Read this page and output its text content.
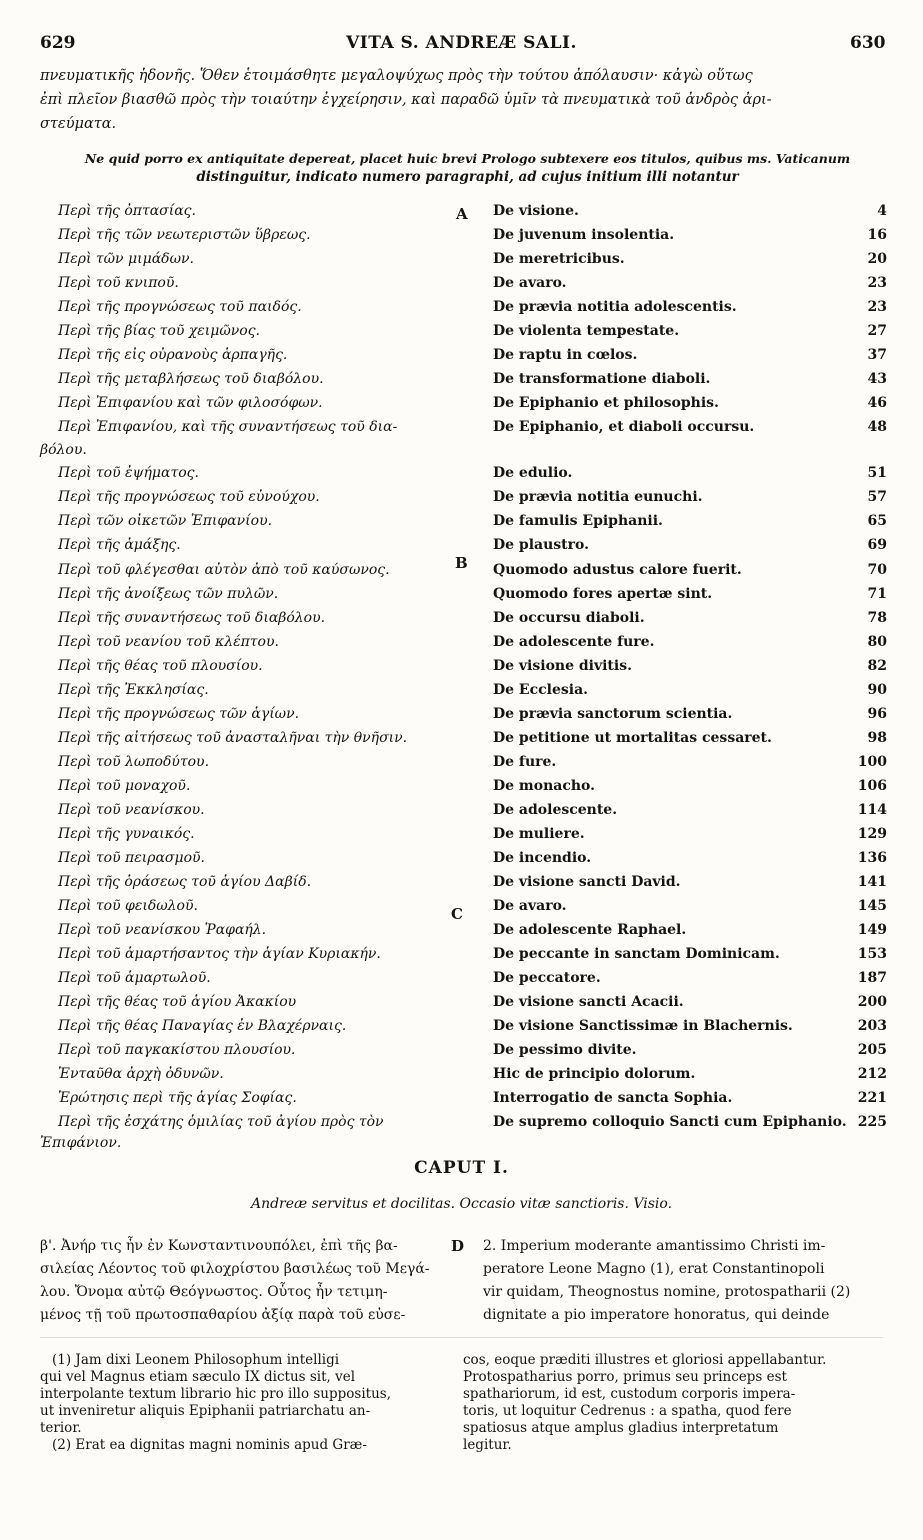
629	VITA S. ANDREÆ SALI.	630
πνευματικῆς ἡδονῆς. Ὅθεν ἑτοιμάσθητε μεγαλοψύχως πρὸς τὴν τούτου ἀπόλαυσιν· κἀγὼ οὕτως
ἐπὶ πλεῖον βιασθῶ πρὸς τὴν τοιαύτην ἐγχείρησιν, καὶ παραδῶ ὑμῖν τὰ πνευματικὰ τοῦ ἀνδρὸς ἀρι-
στεύματα.
Ne quid porro ex antiquitate depereat, placet huic brevi Prologo subtexere eos titulos, quibus ms. Vaticanum
distinguitur, indicato numero paragraphi, ad cujus initium illi notantur
Περὶ τῆς ὀπτασίας.	De visione.	4
Περὶ τῆς τῶν νεωτεριστῶν ὕβρεως.	De juvenum insolentia.	16
Περὶ τῶν μιμάδων.	De meretricibus.	20
Περὶ τοῦ κνιποῦ.	De avaro.	23
Περὶ τῆς προγνώσεως τοῦ παιδός.	De prævia notitia adolescentis.	23
Περὶ τῆς βίας τοῦ χειμῶνος.	De violenta tempestate.	27
Περὶ τῆς εἰς οὐρανοὺς ἁρπαγῆς.	De raptu in cœlos.	37
Περὶ τῆς μεταβλήσεως τοῦ διαβόλου.	De transformatione diaboli.	43
Περὶ Ἐπιφανίου καὶ τῶν φιλοσόφων.	De Epiphanio et philosophis.	46
Περὶ Ἐπιφανίου, καὶ τῆς συναντήσεως τοῦ δια-	De Epiphanio, et diaboli occursu.	48
Περὶ τοῦ ἐψήματος.	De edulio.	51
Περὶ τῆς προγνώσεως τοῦ εὐνούχου.	De prævia notitia eunuchi.	57
Περὶ τῶν οἰκετῶν Ἐπιφανίου.	De famulis Epiphanii.	65
Περὶ τῆς ἁμάξης.	De plaustro.	69
Περὶ τοῦ φλέγεσθαι αὐτὸν ἀπὸ τοῦ καύσωνος.	Quomodo adustus calore fuerit.	70
Περὶ τῆς ἀνοίξεως τῶν πυλῶν.	Quomodo fores apertæ sint.	71
Περὶ τῆς συναντήσεως τοῦ διαβόλου.	De occursu diaboli.	78
Περὶ τοῦ νεανίου τοῦ κλέπτου.	De adolescente fure.	80
Περὶ τῆς θέας τοῦ πλουσίου.	De visione divitis.	82
Περὶ τῆς Ἐκκλησίας.	De Ecclesia.	90
Περὶ τῆς προγνώσεως τῶν ἁγίων.	De prævia sanctorum scientia.	96
Περὶ τῆς αἰτήσεως τοῦ ἀνασταλῆναι τὴν θνῆσιν.	De petitione ut mortalitas cessaret.	98
Περὶ τοῦ λωποδύτου.	De fure.	100
Περὶ τοῦ μοναχοῦ.	De monacho.	106
Περὶ τοῦ νεανίσκου.	De adolescente.	114
Περὶ τῆς γυναικός.	De muliere.	129
Περὶ τοῦ πειρασμοῦ.	De incendio.	136
Περὶ τῆς ὁράσεως τοῦ ἁγίου Δαβίδ.	De visione sancti David.	141
Περὶ τοῦ φειδωλοῦ.	De avaro.	145
Περὶ τοῦ νεανίσκου Ῥαφαήλ.	De adolescente Raphael.	149
Περὶ τοῦ ἁμαρτήσαντος τὴν ἁγίαν Κυριακήν.	De peccante in sanctam Dominicam.	153
Περὶ τοῦ ἁμαρτωλοῦ.	De peccatore.	187
Περὶ τῆς θέας τοῦ ἁγίου Ἀκακίου	De visione sancti Acacii.	200
Περὶ τῆς θέας Παναγίας ἐν Βλαχέρναις.	De visione Sanctissimæ in Blachernis.	203
Περὶ τοῦ παγκακίστου πλουσίου.	De pessimo divite.	205
Ἐνταῦθα ἀρχὴ ὀδυνῶν.	Hic de principio dolorum.	212
Ἐρώτησις περὶ τῆς ἁγίας Σοφίας.	Interrogatio de sancta Sophia.	221
Περὶ τῆς ἐσχάτης ὁμιλίας τοῦ ἁγίου πρὸς τὸν	De supremo colloquio Sancti cum Epiphanio. 225
βόλου.
Ἐπιφάνιον.
A
B
C
D
CAPUT I.
Andreæ servitus et docilitas. Occasio vitæ sanctioris. Visio.
β'. Ἀνήρ τις ἦν ἐν Κωνσταντινουπόλει, ἐπὶ τῆς βα-
σιλείας Λέοντος τοῦ φιλοχρίστου βασιλέως τοῦ Μεγά-
λου. Ὄνομα αὐτῷ Θεόγνωστος. Οὗτος ἦν τετιμη-
μένος τῇ τοῦ πρωτοσπαθαρίου ἀξίᾳ παρὰ τοῦ εὐσε-
2. Imperium moderante amantissimo Christi im-
peratore Leone Magno (1), erat Constantinopoli
vir quidam, Theognostus nomine, protospatharii (2)
dignitate a pio imperatore honoratus, qui deinde
(1) Jam dixi Leonem Philosophum intelligi
qui vel Magnus etiam sæculo IX dictus sit, vel
interpolante textum librario hic pro illo suppositus,
ut inveniretur aliquis Epiphanii patriarchatu an-
terior.
(2) Erat ea dignitas magni nominis apud Græ-
cos, eoque præditi illustres et gloriosi appellabantur.
Protospatharius porro, primus seu princeps est
spathariorum, id est, custodum corporis impera-
toris, ut loquitur Cedrenus : a spatha, quod fere
spatiosus atque amplus gladius interpretatum
legitur.
